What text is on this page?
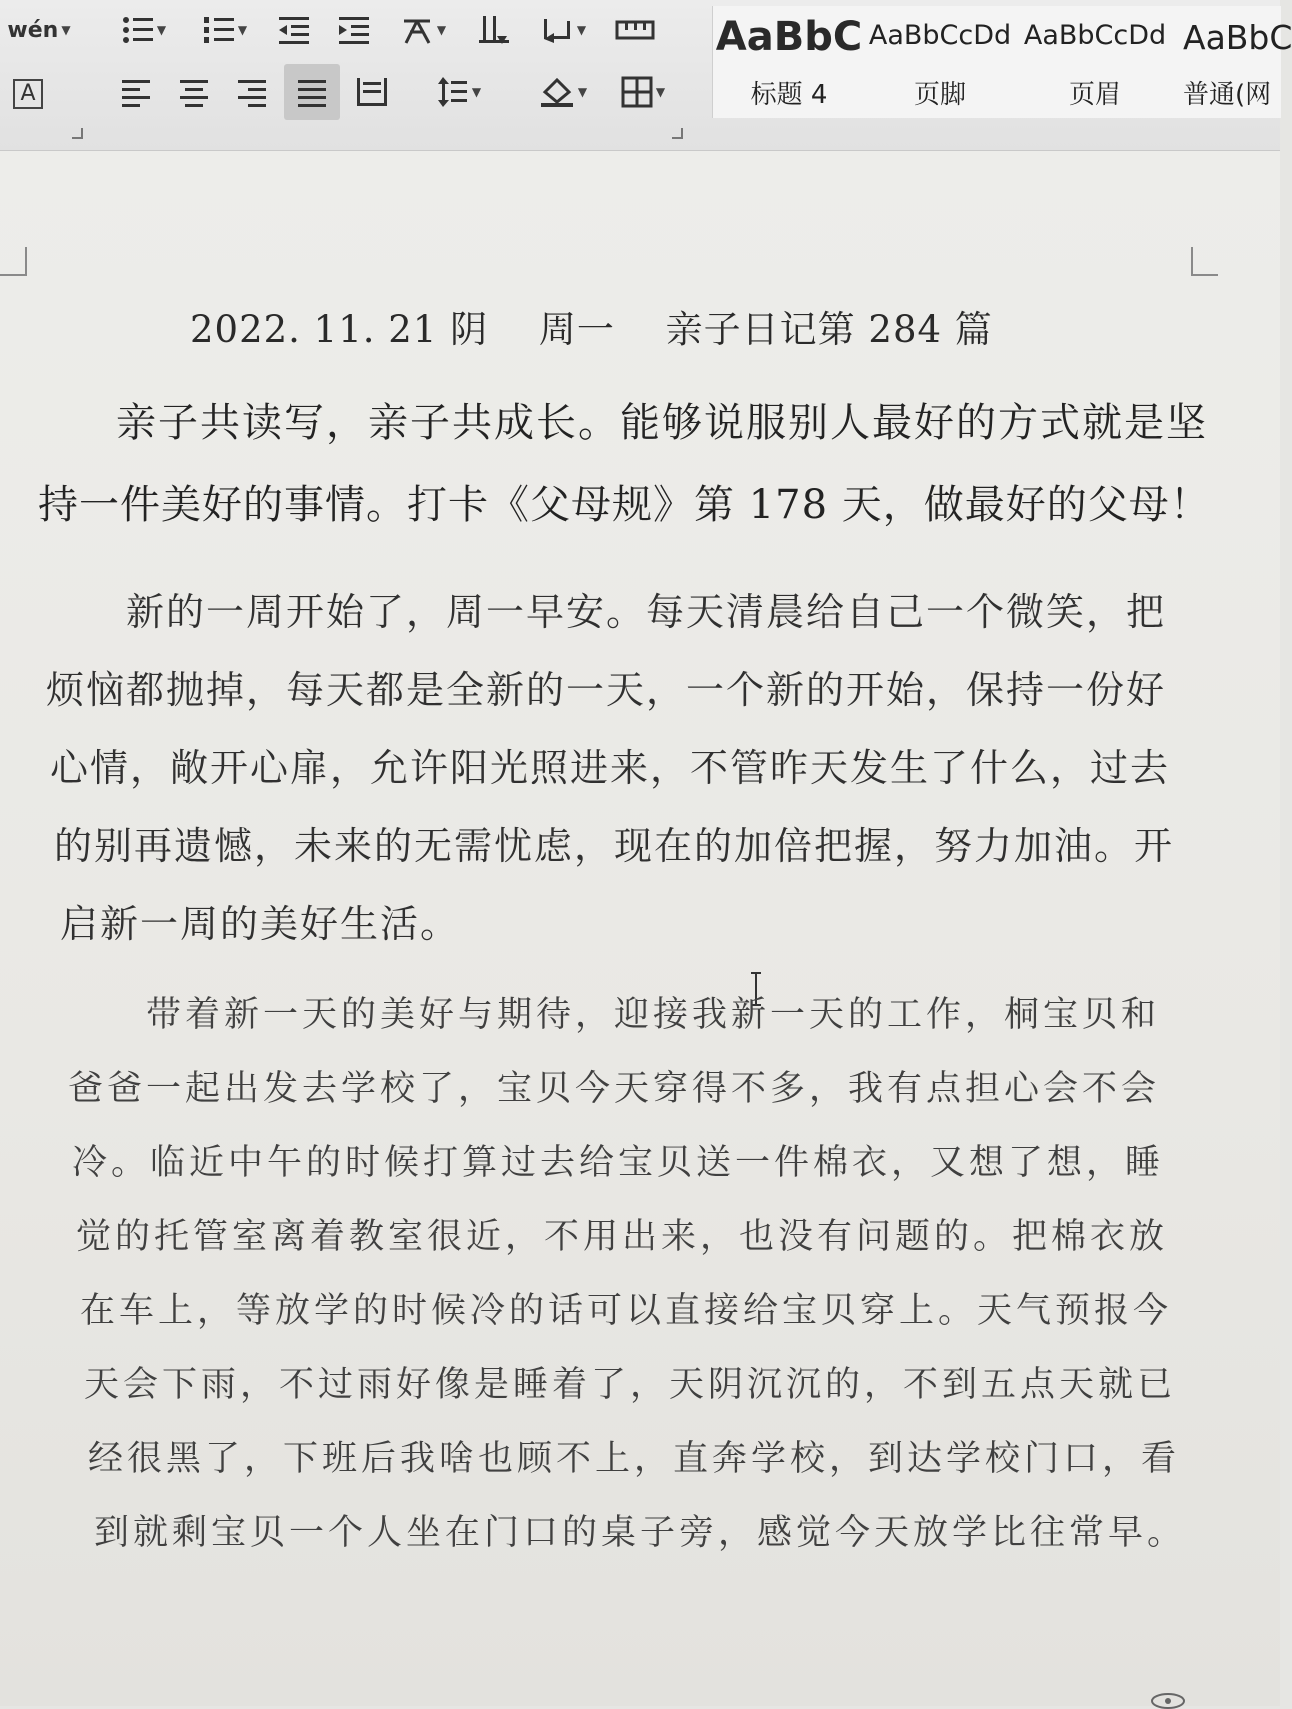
wén ▼
A
▼	▼	▼	▼
▼	▼	▼
AaBbC
标题 4
AaBbCcDd
页脚
AaBbCcDd
页眉
AaBbC
普通(网
2022. 11. 21 阴　 周一 　亲子日记第 284 篇
亲子共读写，亲子共成长。能够说服别人最好的方式就是坚
持一件美好的事情。打卡《父母规》第 178 天，做最好的父母！
新的一周开始了，周一早安。每天清晨给自己一个微笑，把
烦恼都抛掉，每天都是全新的一天，一个新的开始，保持一份好
心情，敞开心扉，允许阳光照进来，不管昨天发生了什么，过去
的别再遗憾，未来的无需忧虑，现在的加倍把握，努力加油。开
启新一周的美好生活。
带着新一天的美好与期待，迎接我新一天的工作，桐宝贝和
爸爸一起出发去学校了，宝贝今天穿得不多，我有点担心会不会
冷。临近中午的时候打算过去给宝贝送一件棉衣，又想了想，睡
觉的托管室离着教室很近，不用出来，也没有问题的。把棉衣放
在车上，等放学的时候冷的话可以直接给宝贝穿上。天气预报今
天会下雨，不过雨好像是睡着了，天阴沉沉的，不到五点天就已
经很黑了，下班后我啥也顾不上，直奔学校，到达学校门口，看
到就剩宝贝一个人坐在门口的桌子旁，感觉今天放学比往常早。
